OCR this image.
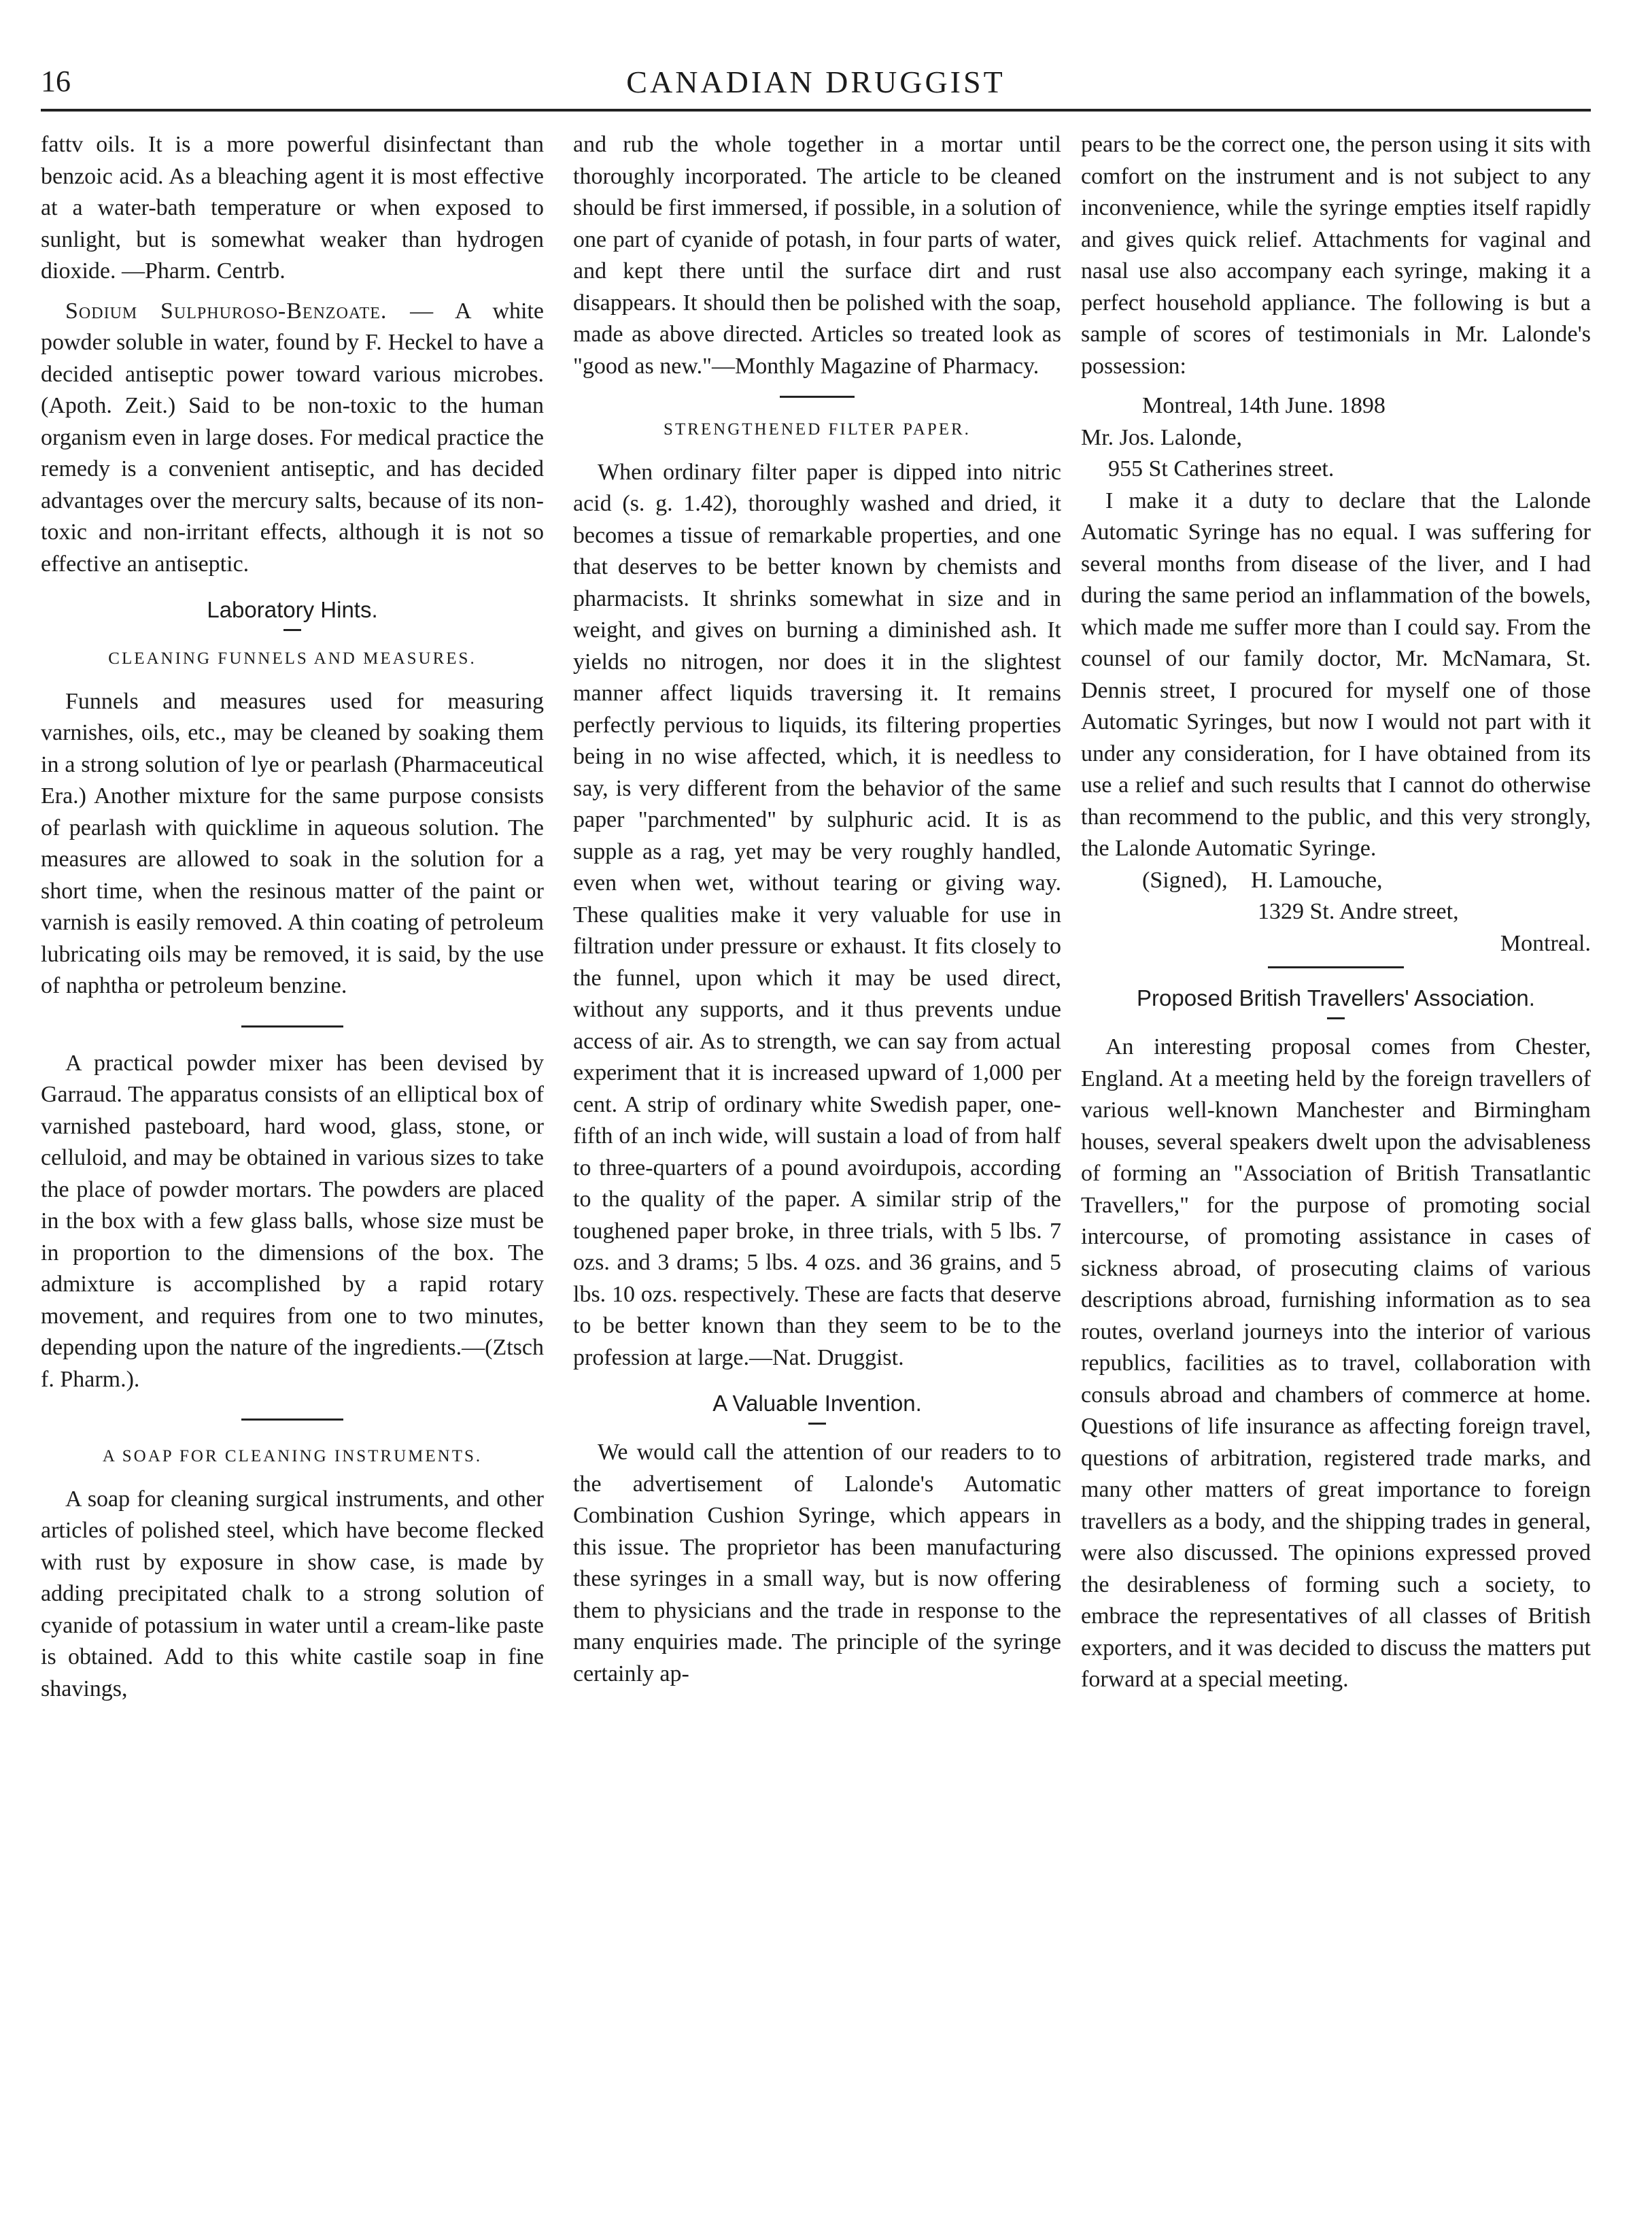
16	CANADIAN DRUGGIST

fattv oils. It is a more powerful disinfectant than benzoic acid. As a bleaching agent it is most effective at a water-bath temperature or when exposed to sunlight, but is somewhat weaker than hydrogen dioxide. —Pharm. Centrb.

Sodium Sulphuroso-Benzoate. — A white powder soluble in water, found by F. Heckel to have a decided antiseptic power toward various microbes. (Apoth. Zeit.) Said to be non-toxic to the human organism even in large doses. For medical practice the remedy is a convenient antiseptic, and has decided advantages over the mercury salts, because of its non-toxic and non-irritant effects, although it is not so effective an antiseptic.

Laboratory Hints.
CLEANING FUNNELS AND MEASURES.

Funnels and measures used for measuring varnishes, oils, etc., may be cleaned by soaking them in a strong solution of lye or pearlash (Pharmaceutical Era.) Another mixture for the same purpose consists of pearlash with quicklime in aqueous solution. The measures are allowed to soak in the solution for a short time, when the resinous matter of the paint or varnish is easily removed. A thin coating of petroleum lubricating oils may be removed, it is said, by the use of naphtha or petroleum benzine.

A practical powder mixer has been devised by Garraud. The apparatus consists of an elliptical box of varnished pasteboard, hard wood, glass, stone, or celluloid, and may be obtained in various sizes to take the place of powder mortars. The powders are placed in the box with a few glass balls, whose size must be in proportion to the dimensions of the box. The admixture is accomplished by a rapid rotary movement, and requires from one to two minutes, depending upon the nature of the ingredients.—(Ztsch f. Pharm.).

A SOAP FOR CLEANING INSTRUMENTS.

A soap for cleaning surgical instruments, and other articles of polished steel, which have become flecked with rust by exposure in show case, is made by adding precipitated chalk to a strong solution of cyanide of potassium in water until a cream-like paste is obtained. Add to this white castile soap in fine shavings,

and rub the whole together in a mortar until thoroughly incorporated. The article to be cleaned should be first immersed, if possible, in a solution of one part of cyanide of potash, in four parts of water, and kept there until the surface dirt and rust disappears. It should then be polished with the soap, made as above directed. Articles so treated look as "good as new."—Monthly Magazine of Pharmacy.

STRENGTHENED FILTER PAPER.

When ordinary filter paper is dipped into nitric acid (s. g. 1.42), thoroughly washed and dried, it becomes a tissue of remarkable properties, and one that deserves to be better known by chemists and pharmacists. It shrinks somewhat in size and in weight, and gives on burning a diminished ash. It yields no nitrogen, nor does it in the slightest manner affect liquids traversing it. It remains perfectly pervious to liquids, its filtering properties being in no wise affected, which, it is needless to say, is very different from the behavior of the same paper "parchmented" by sulphuric acid. It is as supple as a rag, yet may be very roughly handled, even when wet, without tearing or giving way. These qualities make it very valuable for use in filtration under pressure or exhaust. It fits closely to the funnel, upon which it may be used direct, without any supports, and it thus prevents undue access of air. As to strength, we can say from actual experiment that it is increased upward of 1,000 per cent. A strip of ordinary white Swedish paper, one-fifth of an inch wide, will sustain a load of from half to three-quarters of a pound avoirdupois, according to the quality of the paper. A similar strip of the toughened paper broke, in three trials, with 5 lbs. 7 ozs. and 3 drams; 5 lbs. 4 ozs. and 36 grains, and 5 lbs. 10 ozs. respectively. These are facts that deserve to be better known than they seem to be to the profession at large.—Nat. Druggist.

A Valuable Invention.

We would call the attention of our readers to to the advertisement of Lalonde's Automatic Combination Cushion Syringe, which appears in this issue. The proprietor has been manufacturing these syringes in a small way, but is now offering them to physicians and the trade in response to the many enquiries made. The principle of the syringe certainly ap-

pears to be the correct one, the person using it sits with comfort on the instrument and is not subject to any inconvenience, while the syringe empties itself rapidly and gives quick relief. Attachments for vaginal and nasal use also accompany each syringe, making it a perfect household appliance. The following is but a sample of scores of testimonials in Mr. Lalonde's possession:

Montreal, 14th June. 1898

Mr. Jos. Lalonde,

955 St Catherines street.

I make it a duty to declare that the Lalonde Automatic Syringe has no equal. I was suffering for several months from disease of the liver, and I had during the same period an inflammation of the bowels, which made me suffer more than I could say. From the counsel of our family doctor, Mr. McNamara, St. Dennis street, I procured for myself one of those Automatic Syringes, but now I would not part with it under any consideration, for I have obtained from its use a relief and such results that I cannot do otherwise than recommend to the public, and this very strongly, the Lalonde Automatic Syringe.

(Signed),	H. Lamouche,

1329 St. Andre street,

Montreal.

Proposed British Travellers' Association.

An interesting proposal comes from Chester, England. At a meeting held by the foreign travellers of various well-known Manchester and Birmingham houses, several speakers dwelt upon the advisableness of forming an "Association of British Transatlantic Travellers," for the purpose of promoting social intercourse, of promoting assistance in cases of sickness abroad, of prosecuting claims of various descriptions abroad, furnishing information as to sea routes, overland journeys into the interior of various republics, facilities as to travel, collaboration with consuls abroad and chambers of commerce at home. Questions of life insurance as affecting foreign travel, questions of arbitration, registered trade marks, and many other matters of great importance to foreign travellers as a body, and the shipping trades in general, were also discussed. The opinions expressed proved the desirableness of forming such a society, to embrace the representatives of all classes of British exporters, and it was decided to discuss the matters put forward at a special meeting.
